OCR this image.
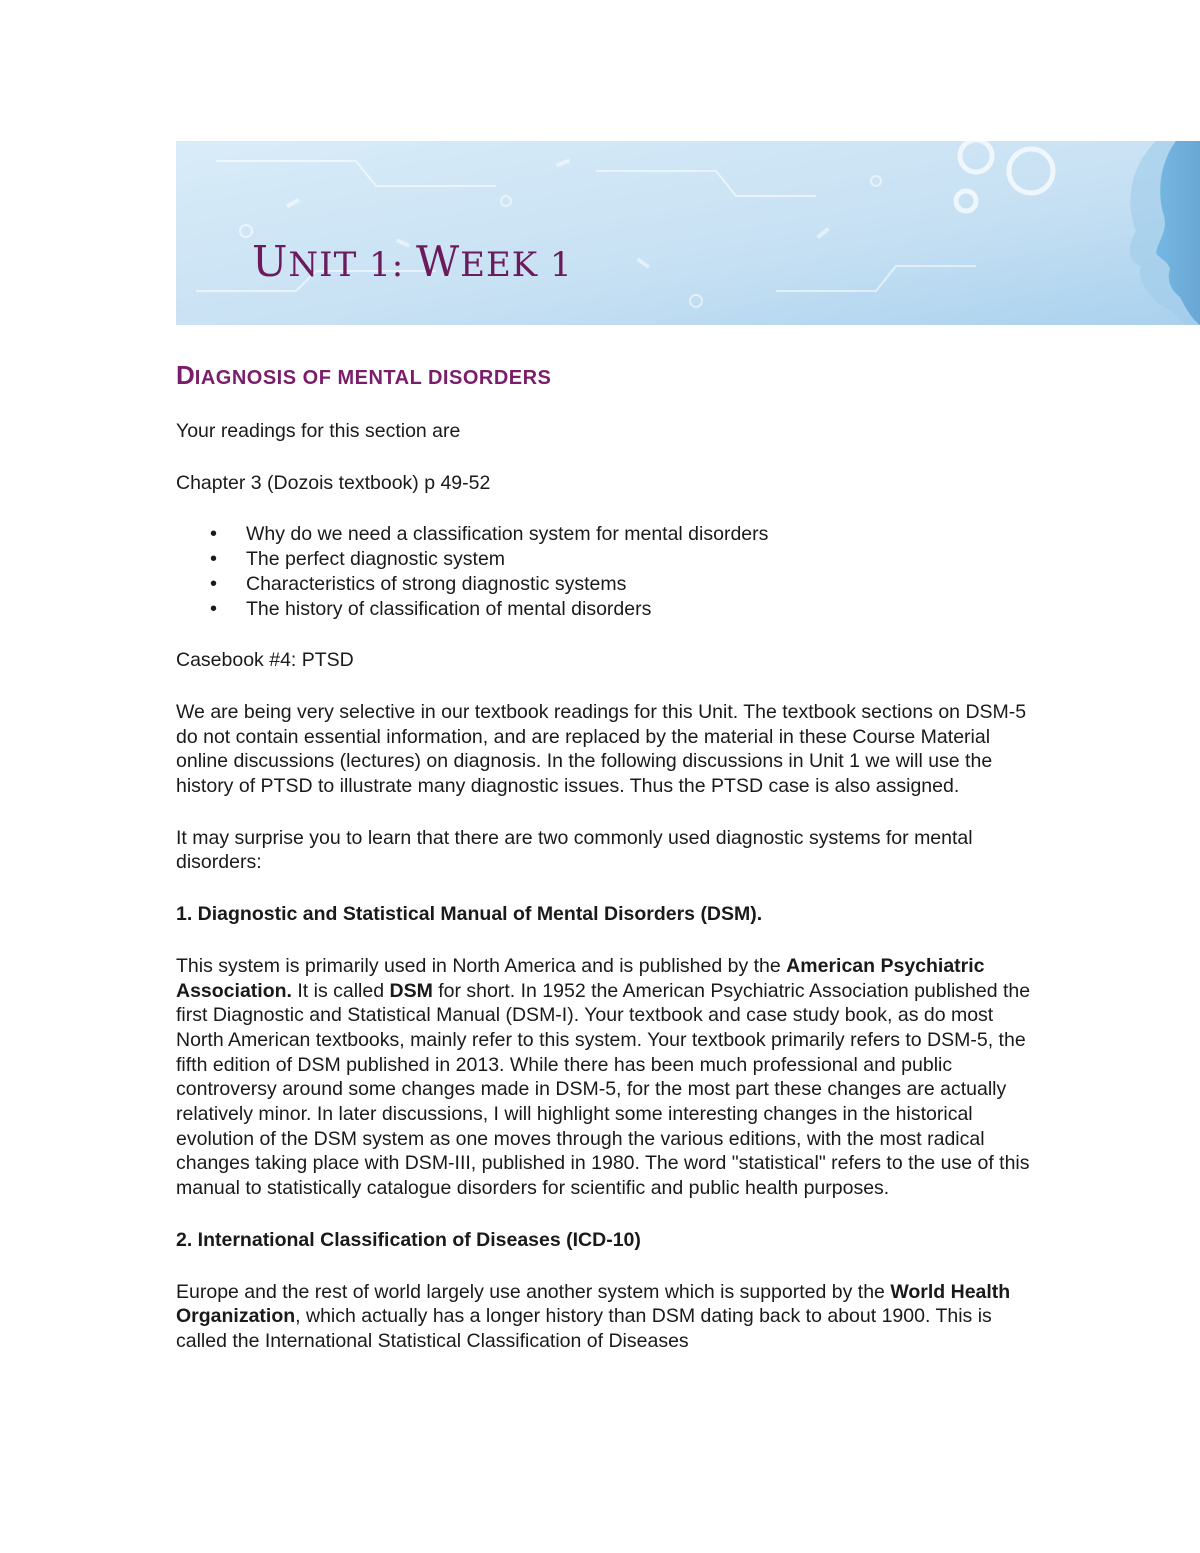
UNIT 1: WEEK 1
DIAGNOSIS OF MENTAL DISORDERS

Your readings for this section are

Chapter 3 (Dozois textbook) p 49-52

• Why do we need a classification system for mental disorders
• The perfect diagnostic system
• Characteristics of strong diagnostic systems
• The history of classification of mental disorders

Casebook #4: PTSD

We are being very selective in our textbook readings for this Unit. The textbook sections on DSM-5 do not contain essential information, and are replaced by the material in these Course Material online discussions (lectures) on diagnosis. In the following discussions in Unit 1 we will use the history of PTSD to illustrate many diagnostic issues. Thus the PTSD case is also assigned.

It may surprise you to learn that there are two commonly used diagnostic systems for mental disorders:

1. Diagnostic and Statistical Manual of Mental Disorders (DSM).

This system is primarily used in North America and is published by the American Psychiatric Association. It is called DSM for short. In 1952 the American Psychiatric Association published the first Diagnostic and Statistical Manual (DSM-I). Your textbook and case study book, as do most North American textbooks, mainly refer to this system. Your textbook primarily refers to DSM-5, the fifth edition of DSM published in 2013. While there has been much professional and public controversy around some changes made in DSM-5, for the most part these changes are actually relatively minor. In later discussions, I will highlight some interesting changes in the historical evolution of the DSM system as one moves through the various editions, with the most radical changes taking place with DSM-III, published in 1980. The word "statistical" refers to the use of this manual to statistically catalogue disorders for scientific and public health purposes.

2. International Classification of Diseases (ICD-10)

Europe and the rest of world largely use another system which is supported by the World Health Organization, which actually has a longer history than DSM dating back to about 1900. This is called the International Statistical Classification of Diseases
